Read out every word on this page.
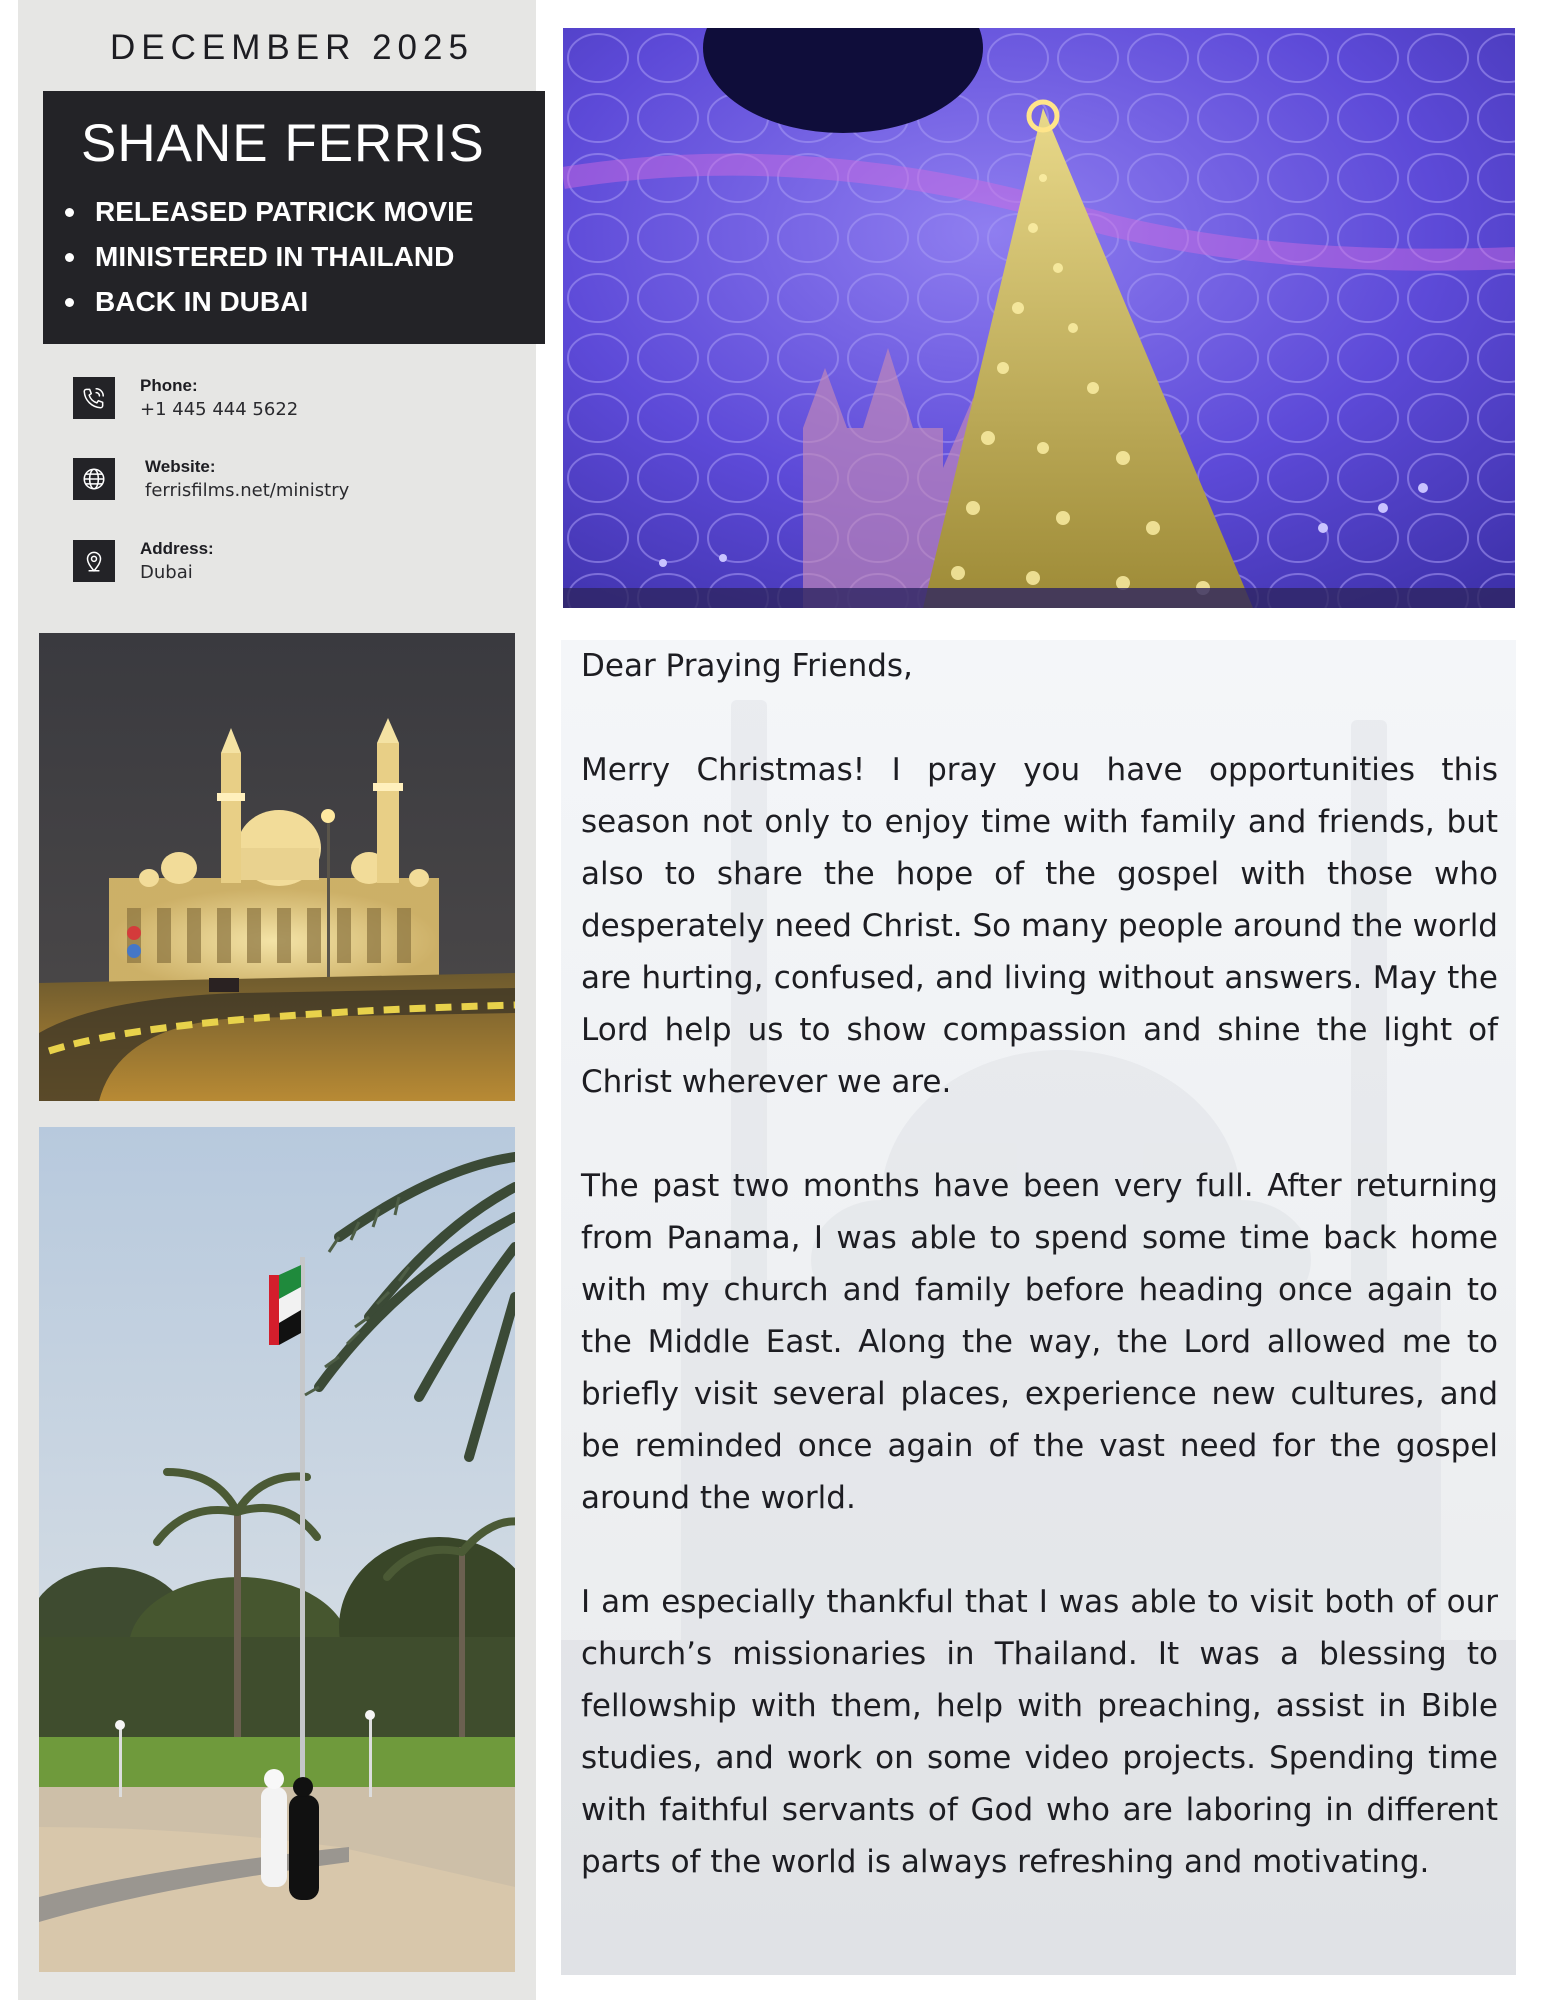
DECEMBER 2025
SHANE FERRIS
RELEASED PATRICK MOVIE
MINISTERED IN THAILAND
BACK IN DUBAI
Phone:
+1 445 444 5622
Website:
ferrisfilms.net/ministry
Address:
Dubai

Dear Praying Friends,

Merry Christmas! I pray you have opportunities this season not only to enjoy time with family and friends, but also to share the hope of the gospel with those who desperately need Christ. So many people around the world are hurting, confused, and living without answers. May the Lord help us to show compassion and shine the light of Christ wherever we are.

The past two months have been very full. After returning from Panama, I was able to spend some time back home with my church and family before heading once again to the Middle East. Along the way, the Lord allowed me to briefly visit several places, experience new cultures, and be reminded once again of the vast need for the gospel around the world.

I am especially thankful that I was able to visit both of our church’s missionaries in Thailand. It was a blessing to fellowship with them, help with preaching, assist in Bible studies, and work on some video projects. Spending time with faithful servants of God who are laboring in different parts of the world is always refreshing and motivating.
